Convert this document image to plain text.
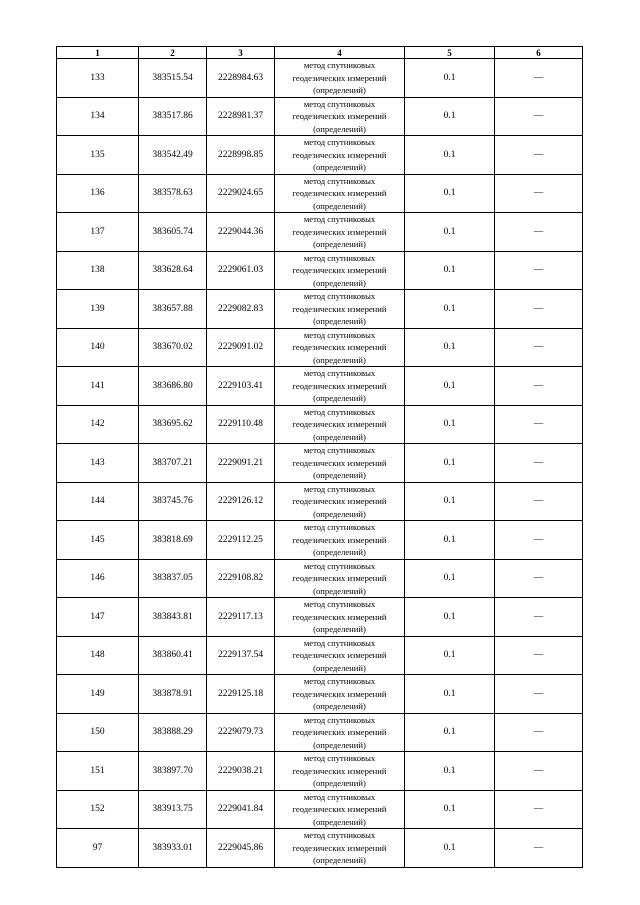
1	2	3	4	5	6
133	383515.54	2228984.63	метод спутниковых
геодезических измерений
(определений)	0.1	—
134	383517.86	2228981.37	метод спутниковых
геодезических измерений
(определений)	0.1	—
135	383542.49	2228998.85	метод спутниковых
геодезических измерений
(определений)	0.1	—
136	383578.63	2229024.65	метод спутниковых
геодезических измерений
(определений)	0.1	—
137	383605.74	2229044.36	метод спутниковых
геодезических измерений
(определений)	0.1	—
138	383628.64	2229061.03	метод спутниковых
геодезических измерений
(определений)	0.1	—
139	383657.88	2229082.83	метод спутниковых
геодезических измерений
(определений)	0.1	—
140	383670.02	2229091.02	метод спутниковых
геодезических измерений
(определений)	0.1	—
141	383686.80	2229103.41	метод спутниковых
геодезических измерений
(определений)	0.1	—
142	383695.62	2229110.48	метод спутниковых
геодезических измерений
(определений)	0.1	—
143	383707.21	2229091.21	метод спутниковых
геодезических измерений
(определений)	0.1	—
144	383745.76	2229126.12	метод спутниковых
геодезических измерений
(определений)	0.1	—
145	383818.69	2229112.25	метод спутниковых
геодезических измерений
(определений)	0.1	—
146	383837.05	2229108.82	метод спутниковых
геодезических измерений
(определений)	0.1	—
147	383843.81	2229117.13	метод спутниковых
геодезических измерений
(определений)	0.1	—
148	383860.41	2229137.54	метод спутниковых
геодезических измерений
(определений)	0.1	—
149	383878.91	2229125.18	метод спутниковых
геодезических измерений
(определений)	0.1	—
150	383888.29	2229079.73	метод спутниковых
геодезических измерений
(определений)	0.1	—
151	383897.70	2229038.21	метод спутниковых
геодезических измерений
(определений)	0.1	—
152	383913.75	2229041.84	метод спутниковых
геодезических измерений
(определений)	0.1	—
97	383933.01	2229045.86	метод спутниковых
геодезических измерений
(определений)	0.1	—
